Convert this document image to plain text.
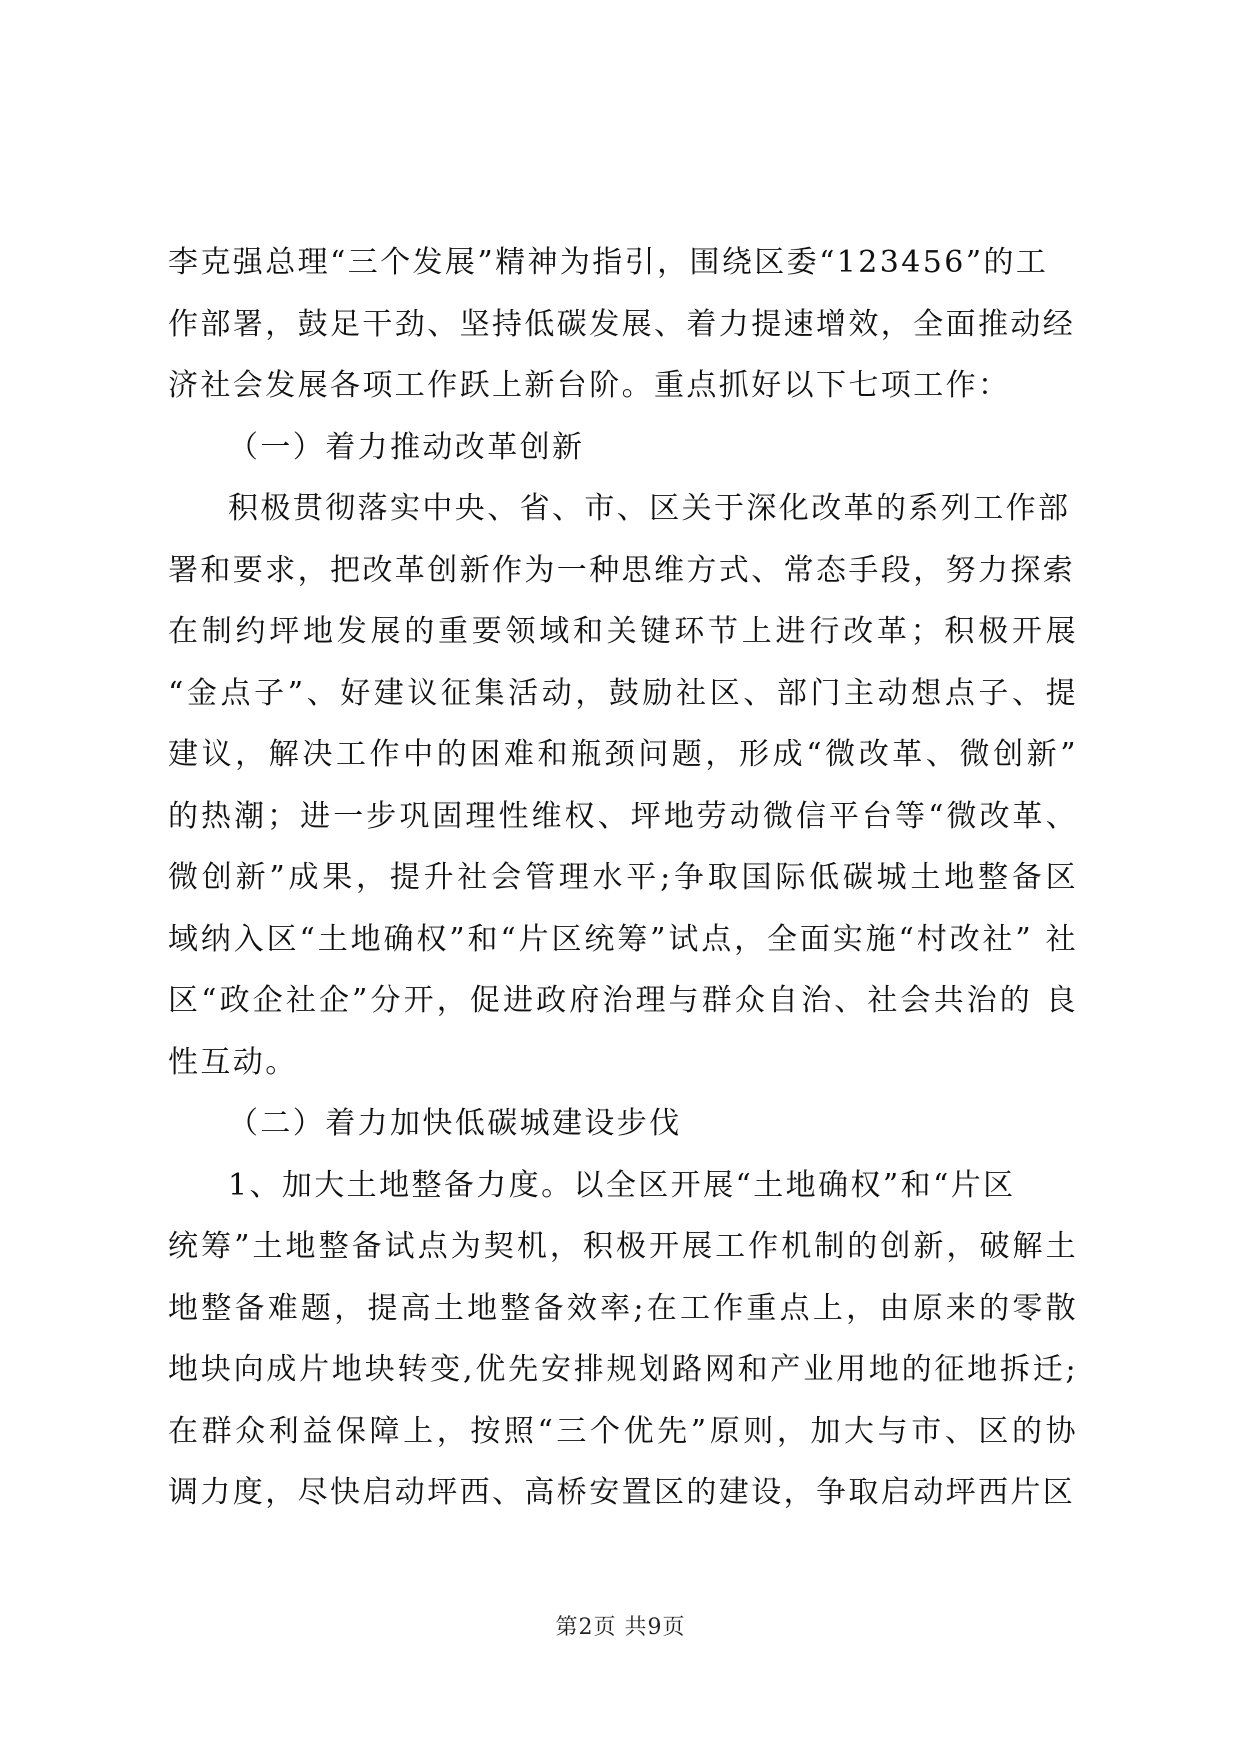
李克强总理“三个发展”精神为指引，围绕区委“123456”的工
作部署，鼓足干劲、坚持低碳发展、着力提速增效，全面推动经
济社会发展各项工作跃上新台阶。重点抓好以下七项工作：

（一）着力推动改革创新

积极贯彻落实中央、省、市、区关于深化改革的系列工作部
署和要求，把改革创新作为一种思维方式、常态手段，努力探索

在制约坪地发展的重要领域和关键环节上进行改革；积极开展 “金点子”、好建议征集活动，鼓励社区、部门主动想点子、提 建议，解决工作中的困难和瓶颈问题，形成“微改革、微创新” 的热潮；进一步巩固理性维权、坪地劳动微信平台等“微改革、 微创新”成果，提升社会管理水平;争取国际低碳城土地整备区 域纳入区“土地确权”和“片区统筹”试点，全面实施“村改社” 社区“政企社企”分开，促进政府治理与群众自治、社会共治的 良性互动。

（二）着力加快低碳城建设步伐

1、加大土地整备力度。以全区开展“土地确权”和“片区

统筹”土地整备试点为契机，积极开展工作机制的创新，破解土 地整备难题，提高土地整备效率;在工作重点上，由原来的零散 地块向成片地块转变,优先安排规划路网和产业用地的征地拆迁; 在群众利益保障上，按照“三个优先”原则，加大与市、区的协 调力度，尽快启动坪西、高桥安置区的建设，争取启动坪西片区
第2页 共9页
